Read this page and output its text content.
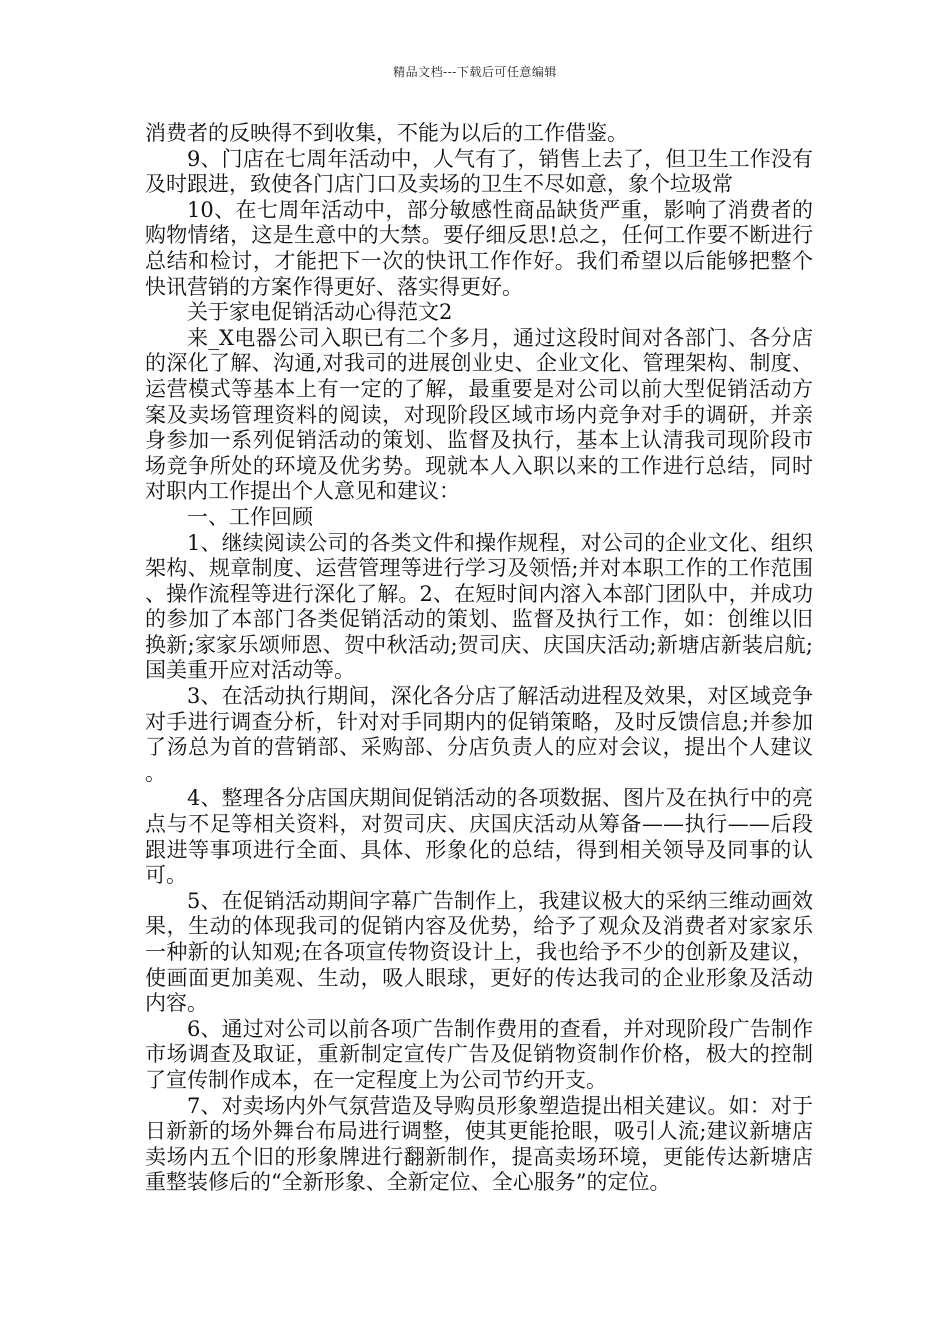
精品文档---下载后可任意编辑

消费者的反映得不到收集，不能为以后的工作借鉴。

9、门店在七周年活动中，人气有了，销售上去了，但卫生工作没有及时跟进，致使各门店门口及卖场的卫生不尽如意，象个垃圾常

10、在七周年活动中，部分敏感性商品缺货严重，影响了消费者的购物情绪，这是生意中的大禁。要仔细反思!总之，任何工作要不断进行总结和检讨，才能把下一次的快讯工作作好。我们希望以后能够把整个快讯营销的方案作得更好、落实得更好。

关于家电促销活动心得范文2

来_X电器公司入职已有二个多月，通过这段时间对各部门、各分店的深化了解、沟通,对我司的进展创业史、企业文化、管理架构、制度、运营模式等基本上有一定的了解，最重要是对公司以前大型促销活动方案及卖场管理资料的阅读，对现阶段区域市场内竞争对手的调研，并亲身参加一系列促销活动的策划、监督及执行，基本上认清我司现阶段市场竞争所处的环境及优劣势。现就本人入职以来的工作进行总结，同时对职内工作提出个人意见和建议：

一、工作回顾

1、继续阅读公司的各类文件和操作规程，对公司的企业文化、组织架构、规章制度、运营管理等进行学习及领悟;并对本职工作的工作范围、操作流程等进行深化了解。2、在短时间内溶入本部门团队中，并成功的参加了本部门各类促销活动的策划、监督及执行工作，如：创维以旧换新;家家乐颂师恩、贺中秋活动;贺司庆、庆国庆活动;新塘店新装启航;国美重开应对活动等。

3、在活动执行期间，深化各分店了解活动进程及效果，对区域竞争对手进行调查分析，针对对手同期内的促销策略，及时反馈信息;并参加了汤总为首的营销部、采购部、分店负责人的应对会议，提出个人建议。

4、整理各分店国庆期间促销活动的各项数据、图片及在执行中的亮点与不足等相关资料，对贺司庆、庆国庆活动从筹备——执行——后段跟进等事项进行全面、具体、形象化的总结，得到相关领导及同事的认可。

5、在促销活动期间字幕广告制作上，我建议极大的采纳三维动画效果，生动的体现我司的促销内容及优势，给予了观众及消费者对家家乐一种新的认知观;在各项宣传物资设计上，我也给予不少的创新及建议，使画面更加美观、生动，吸人眼球，更好的传达我司的企业形象及活动内容。

6、通过对公司以前各项广告制作费用的查看，并对现阶段广告制作市场调查及取证，重新制定宣传广告及促销物资制作价格，极大的控制了宣传制作成本，在一定程度上为公司节约开支。

7、对卖场内外气氛营造及导购员形象塑造提出相关建议。如：对于日新新的场外舞台布局进行调整，使其更能抢眼，吸引人流;建议新塘店卖场内五个旧的形象牌进行翻新制作，提高卖场环境，更能传达新塘店重整装修后的“全新形象、全新定位、全心服务”的定位。
